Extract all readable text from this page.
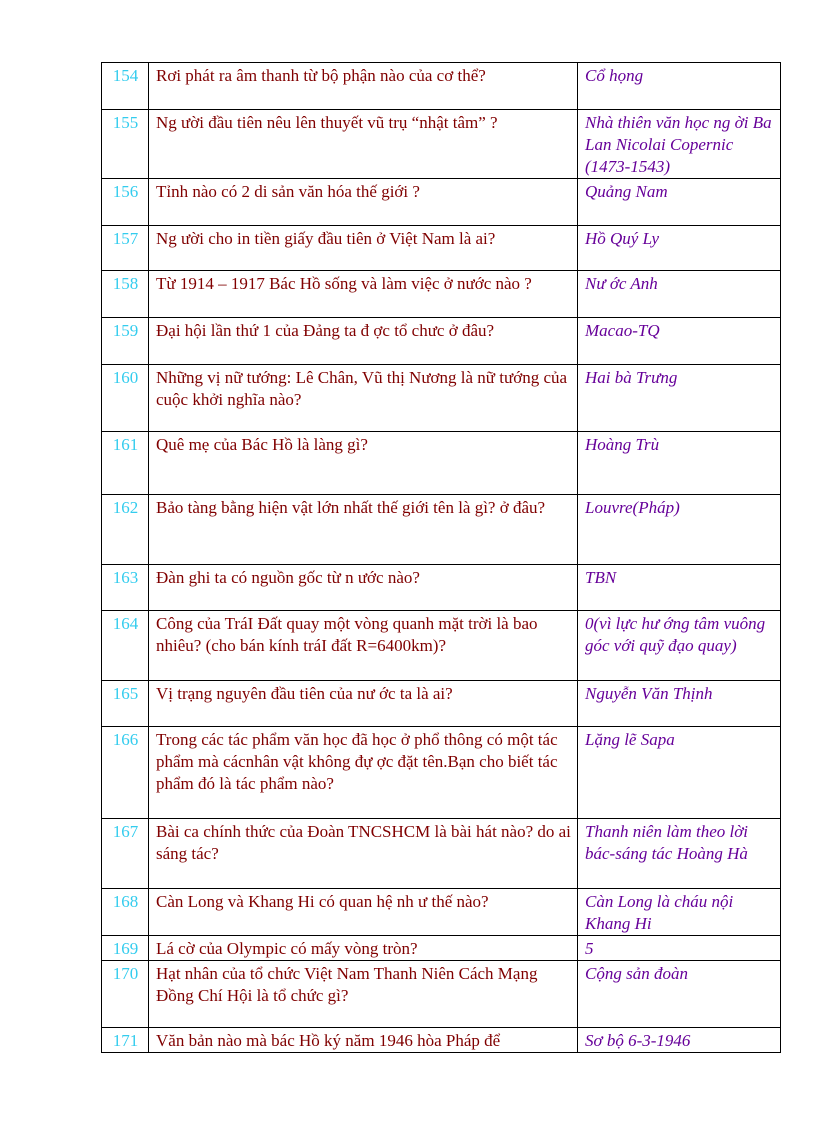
154	Rơi phát ra âm thanh từ bộ phận nào của cơ thể?	Cổ họng
155	Ng ười đầu tiên nêu lên thuyết vũ trụ “nhật tâm” ?	Nhà thiên văn học ng ời Ba Lan Nicolai Copernic (1473-1543)
156	Tỉnh nào có 2 di sản văn hóa thế giới ?	Quảng Nam
157	Ng ười cho in tiền giấy đầu tiên ở Việt Nam là ai?	Hồ Quý Ly
158	Từ 1914 – 1917 Bác Hồ sống và làm việc ở nước nào ?	Nư ớc Anh
159	Đại hội lần thứ 1 của Đảng ta đ ợc tổ chưc ở đâu?	Macao-TQ
160	Những vị nữ tướng: Lê Chân, Vũ thị Nương là nữ tướng của cuộc khởi nghĩa nào?	Hai bà Trưng
161	Quê mẹ của Bác Hồ là làng gì?	Hoàng Trù
162	Bảo tàng bằng hiện vật lớn nhất thế giới tên là gì? ở đâu?	Louvre(Pháp)
163	Đàn ghi ta có nguồn gốc từ n ước nào?	TBN
164	Công của TráI Đất quay một vòng quanh mặt trời là bao nhiêu? (cho bán kính tráI đất R=6400km)?	0(vì lực hư ớng tâm vuông góc với quỹ đạo quay)
165	Vị trạng nguyên đầu tiên của nư ớc ta là ai?	Nguyễn Văn Thịnh
166	Trong các tác phẩm văn học đã học ở phổ thông có một tác phẩm mà cácnhân vật không đự ợc đặt tên.Bạn cho biết tác phẩm đó là tác phẩm nào?	Lặng lẽ Sapa
167	Bài ca chính thức của Đoàn TNCSHCM là bài hát nào? do ai sáng tác?	Thanh niên làm theo lời bác-sáng tác Hoàng Hà
168	Càn Long và Khang Hi có quan hệ nh ư thế nào?	Càn Long là cháu nội Khang Hi
169	Lá cờ của Olympic có mấy vòng tròn?	5
170	Hạt nhân của tổ chức Việt Nam Thanh Niên Cách Mạng Đồng Chí Hội là tổ chức gì?	Cộng sản đoàn
171	Văn bản nào mà bác Hồ ký năm 1946 hòa Pháp để	Sơ bộ 6-3-1946
